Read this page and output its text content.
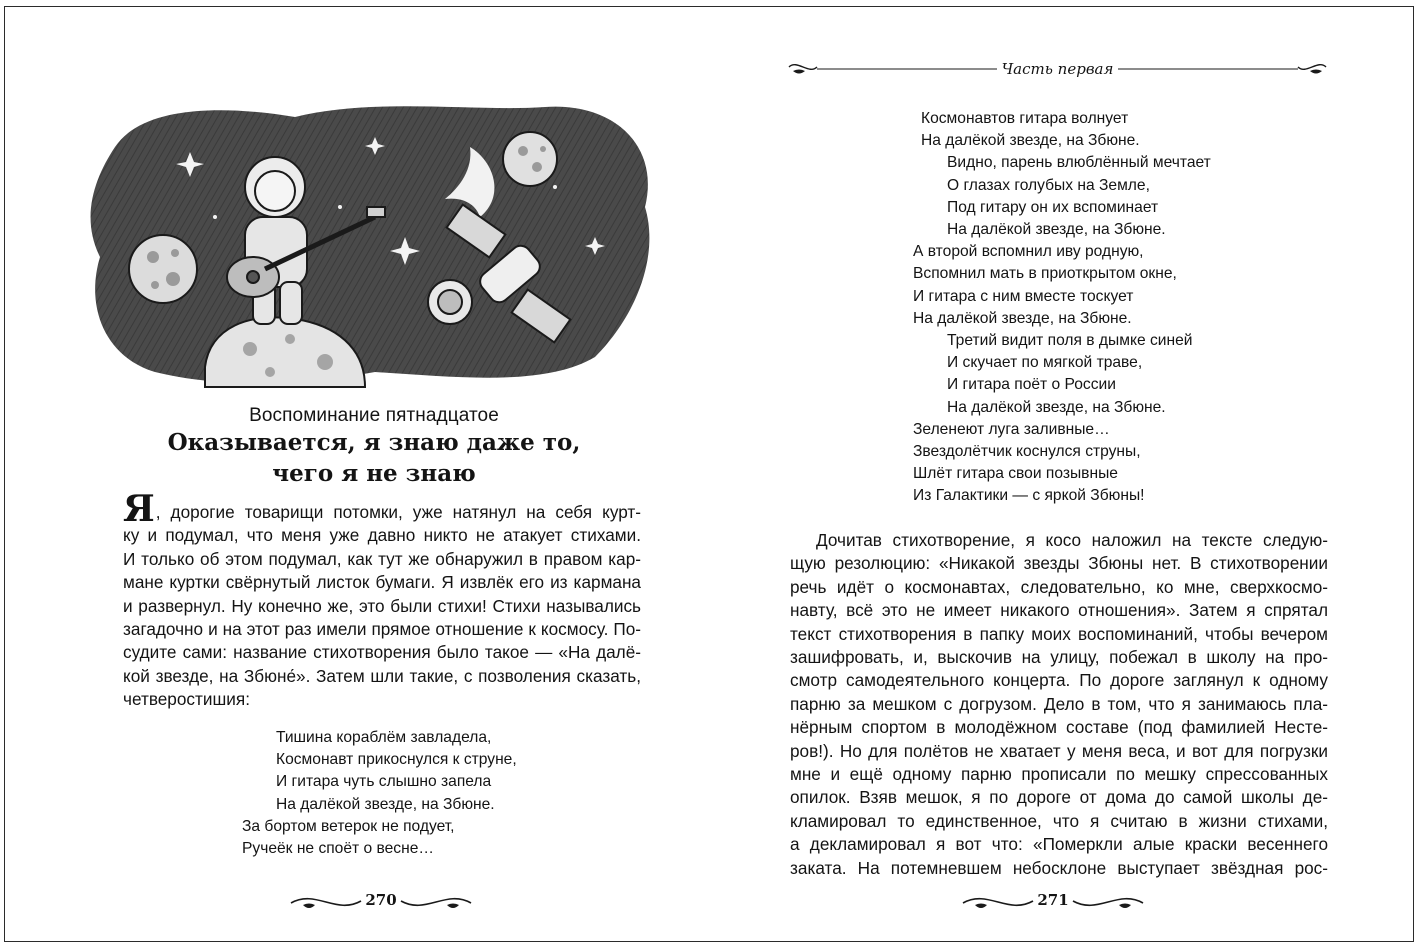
Воспоминание пятнадцатое
Оказывается, я знаю даже то,
чего я не знаю
Я, дорогие товарищи потомки, уже натянул на себя курт-
ку и подумал, что меня уже давно никто не атакует стихами.
И только об этом подумал, как тут же обнаружил в правом кар-
мане куртки свёрнутый листок бумаги. Я извлёк его из кармана
и развернул. Ну конечно же, это были стихи! Стихи назывались
загадочно и на этот раз имели прямое отношение к космосу. По-
судите сами: название стихотворения было такое — «На далё-
кой звезде, на Збюне́». Затем шли такие, с позволения сказать,
четверостишия:
Тишина кораблём завладела,
Космонавт прикоснулся к струне,
И гитара чуть слышно запела
На далёкой звезде, на Збюне.
За бортом ветерок не подует,
Ручеёк не споёт о весне…
270
Часть первая
Космонавтов гитара волнует
На далёкой звезде, на Збюне.
Видно, парень влюблённый мечтает
О глазах голубых на Земле,
Под гитару он их вспоминает
На далёкой звезде, на Збюне.
А второй вспомнил иву родную,
Вспомнил мать в приоткрытом окне,
И гитара с ним вместе тоскует
На далёкой звезде, на Збюне.
Третий видит поля в дымке синей
И скучает по мягкой траве,
И гитара поёт о России
На далёкой звезде, на Збюне.
Зеленеют луга заливные…
Звездолётчик коснулся струны,
Шлёт гитара свои позывные
Из Галактики — с яркой Збюны!
Дочитав стихотворение, я косо наложил на тексте следую-
щую резолюцию: «Никакой звезды Збюны нет. В стихотворении
речь идёт о космонавтах, следовательно, ко мне, сверхкосмо-
навту, всё это не имеет никакого отношения». Затем я спрятал
текст стихотворения в папку моих воспоминаний, чтобы вечером
зашифровать, и, выскочив на улицу, побежал в школу на про-
смотр самодеятельного концерта. По дороге заглянул к одному
парню за мешком с догрузом. Дело в том, что я занимаюсь пла-
нёрным спортом в молодёжном составе (под фамилией Нестe-
ров!). Но для полётов не хватает у меня веса, и вот для погрузки
мне и ещё одному парню прописали по мешку спрессованных
опилок. Взяв мешок, я по дороге от дома до самой школы де-
кламировал то единственное, что я считаю в жизни стихами,
а декламировал я вот что: «Померкли алые краски весеннего
заката. На потемневшем небосклоне выступает звёздная рос-
271
